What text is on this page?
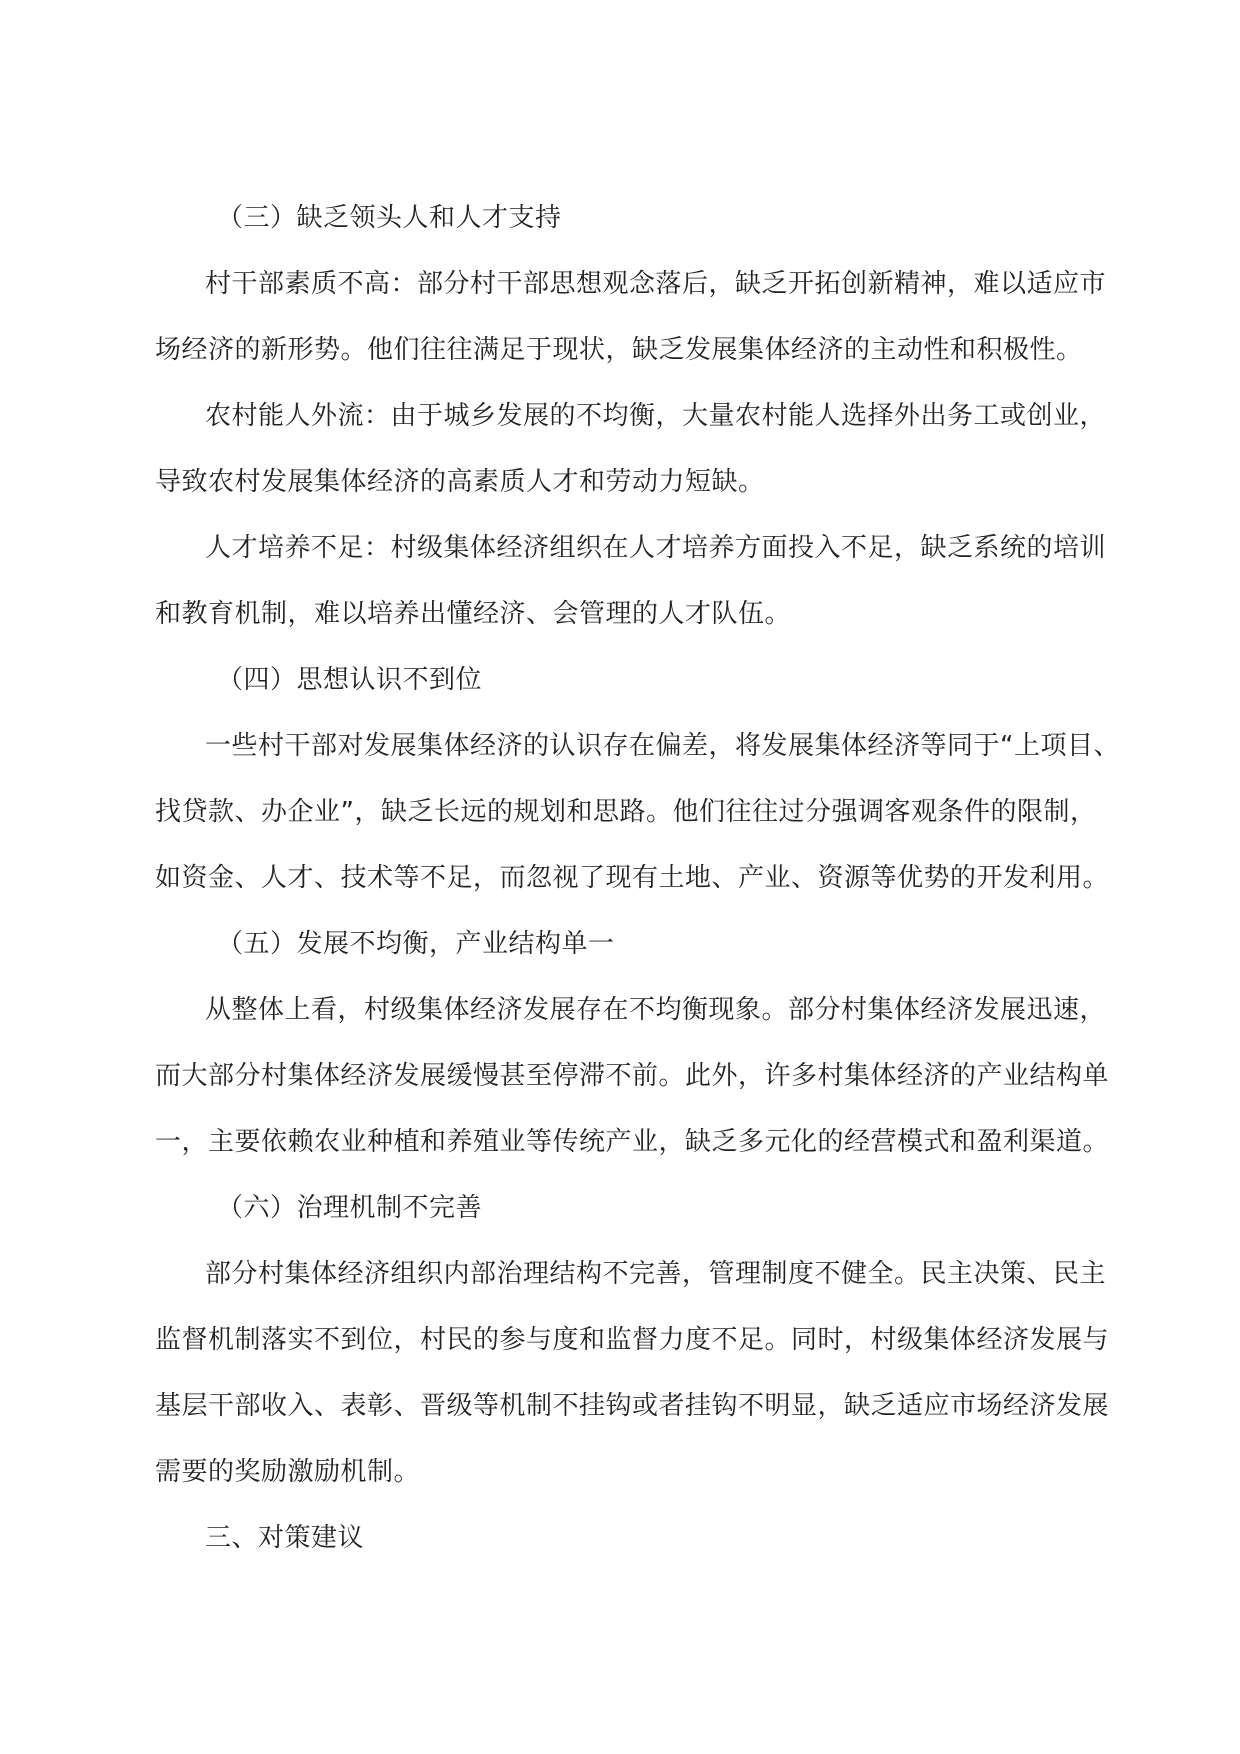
（三）缺乏领头人和人才支持
村干部素质不高：部分村干部思想观念落后，缺乏开拓创新精神，难以适应市
场经济的新形势。他们往往满足于现状，缺乏发展集体经济的主动性和积极性。
农村能人外流：由于城乡发展的不均衡，大量农村能人选择外出务工或创业，
导致农村发展集体经济的高素质人才和劳动力短缺。
人才培养不足：村级集体经济组织在人才培养方面投入不足，缺乏系统的培训
和教育机制，难以培养出懂经济、会管理的人才队伍。
（四）思想认识不到位
一些村干部对发展集体经济的认识存在偏差，将发展集体经济等同于“上项目、
找贷款、办企业”，缺乏长远的规划和思路。他们往往过分强调客观条件的限制，
如资金、人才、技术等不足，而忽视了现有土地、产业、资源等优势的开发利用。
（五）发展不均衡，产业结构单一
从整体上看，村级集体经济发展存在不均衡现象。部分村集体经济发展迅速，
而大部分村集体经济发展缓慢甚至停滞不前。此外，许多村集体经济的产业结构单
一，主要依赖农业种植和养殖业等传统产业，缺乏多元化的经营模式和盈利渠道。
（六）治理机制不完善
部分村集体经济组织内部治理结构不完善，管理制度不健全。民主决策、民主
监督机制落实不到位，村民的参与度和监督力度不足。同时，村级集体经济发展与
基层干部收入、表彰、晋级等机制不挂钩或者挂钩不明显，缺乏适应市场经济发展
需要的奖励激励机制。
三、对策建议
